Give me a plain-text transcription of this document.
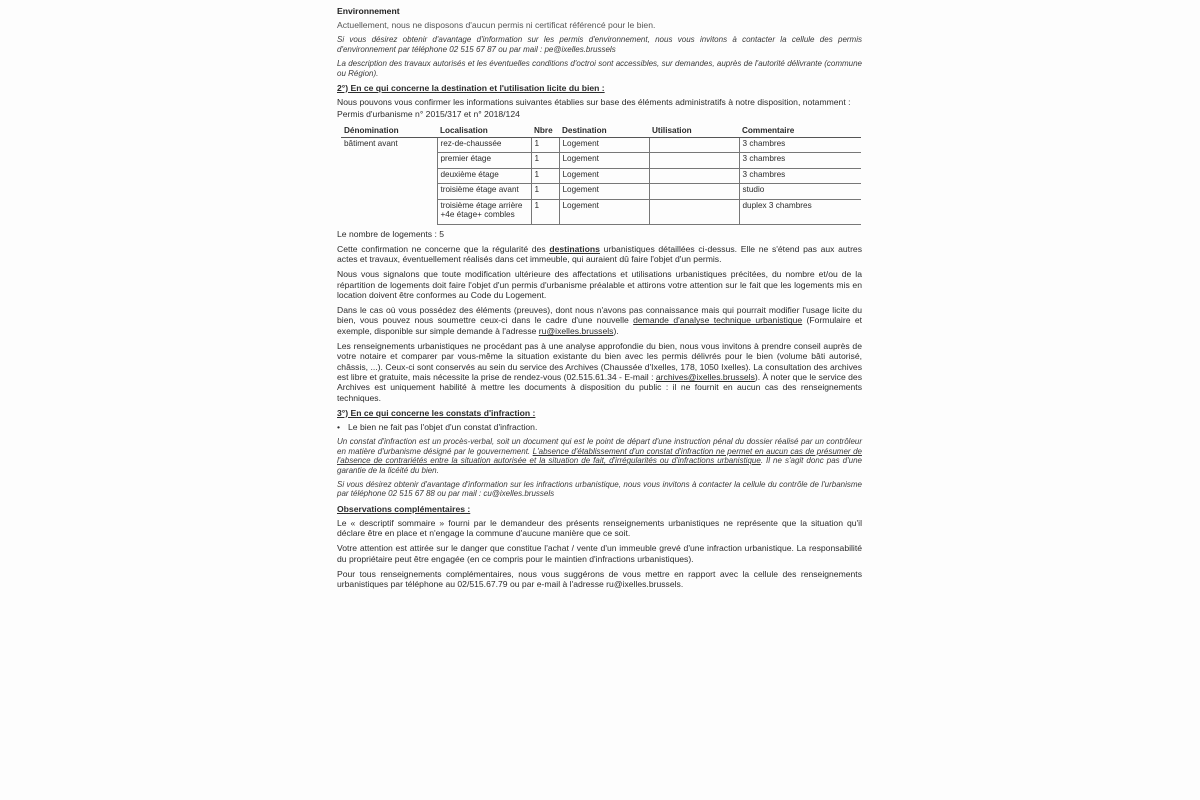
Environnement

Actuellement, nous ne disposons d'aucun permis ni certificat référencé pour le bien.

Si vous désirez obtenir d'avantage d'information sur les permis d'environnement, nous vous invitons à contacter la cellule des permis d'environnement par téléphone 02 515 67 87 ou par mail : pe@ixelles.brussels

La description des travaux autorisés et les éventuelles conditions d'octroi sont accessibles, sur demandes, auprès de l'autorité délivrante (commune ou Région).

2°) En ce qui concerne la destination et l'utilisation licite du bien :

Nous pouvons vous confirmer les informations suivantes établies sur base des éléments administratifs à notre disposition, notamment :

Permis d'urbanisme n° 2015/317 et n° 2018/124

Dénomination	Localisation	Nbre	Destination	Utilisation	Commentaire
bâtiment avant	rez-de-chaussée	1	Logement		3 chambres
	premier étage	1	Logement		3 chambres
	deuxième étage	1	Logement		3 chambres
	troisième étage avant	1	Logement		studio
	troisième étage arrière +4e étage+ combles	1	Logement		duplex 3 chambres

Le nombre de logements : 5

Cette confirmation ne concerne que la régularité des destinations urbanistiques détaillées ci-dessus. Elle ne s'étend pas aux autres actes et travaux, éventuellement réalisés dans cet immeuble, qui auraient dû faire l'objet d'un permis.

Nous vous signalons que toute modification ultérieure des affectations et utilisations urbanistiques précitées, du nombre et/ou de la répartition de logements doit faire l'objet d'un permis d'urbanisme préalable et attirons votre attention sur le fait que les logements mis en location doivent être conformes au Code du Logement.

Dans le cas où vous possédez des éléments (preuves), dont nous n'avons pas connaissance mais qui pourrait modifier l'usage licite du bien, vous pouvez nous soumettre ceux-ci dans le cadre d'une nouvelle demande d'analyse technique urbanistique (Formulaire et exemple, disponible sur simple demande à l'adresse ru@ixelles.brussels).

Les renseignements urbanistiques ne procédant pas à une analyse approfondie du bien, nous vous invitons à prendre conseil auprès de votre notaire et comparer par vous-même la situation existante du bien avec les permis délivrés pour le bien (volume bâti autorisé, châssis, ...). Ceux-ci sont conservés au sein du service des Archives (Chaussée d'Ixelles, 178, 1050 Ixelles). La consultation des archives est libre et gratuite, mais nécessite la prise de rendez-vous (02.515.61.34 - E-mail : archives@ixelles.brussels). À noter que le service des Archives est uniquement habilité à mettre les documents à disposition du public : il ne fournit en aucun cas des renseignements techniques.

3°) En ce qui concerne les constats d'infraction :

• Le bien ne fait pas l'objet d'un constat d'infraction.

Un constat d'infraction est un procès-verbal, soit un document qui est le point de départ d'une instruction pénal du dossier réalisé par un contrôleur en matière d'urbanisme désigné par le gouvernement. L'absence d'établissement d'un constat d'infraction ne permet en aucun cas de présumer de l'absence de contrariétés entre la situation autorisée et la situation de fait, d'irrégularités ou d'infractions urbanistique. Il ne s'agit donc pas d'une garantie de la licéité du bien.

Si vous désirez obtenir d'avantage d'information sur les infractions urbanistique, nous vous invitons à contacter la cellule du contrôle de l'urbanisme par téléphone 02 515 67 88 ou par mail : cu@ixelles.brussels

Observations complémentaires :

Le « descriptif sommaire » fourni par le demandeur des présents renseignements urbanistiques ne représente que la situation qu'il déclare être en place et n'engage la commune d'aucune manière que ce soit.

Votre attention est attirée sur le danger que constitue l'achat / vente d'un immeuble grevé d'une infraction urbanistique. La responsabilité du propriétaire peut être engagée (en ce compris pour le maintien d'infractions urbanistiques).

Pour tous renseignements complémentaires, nous vous suggérons de vous mettre en rapport avec la cellule des renseignements urbanistiques par téléphone au 02/515.67.79 ou par e-mail à l'adresse ru@ixelles.brussels.
